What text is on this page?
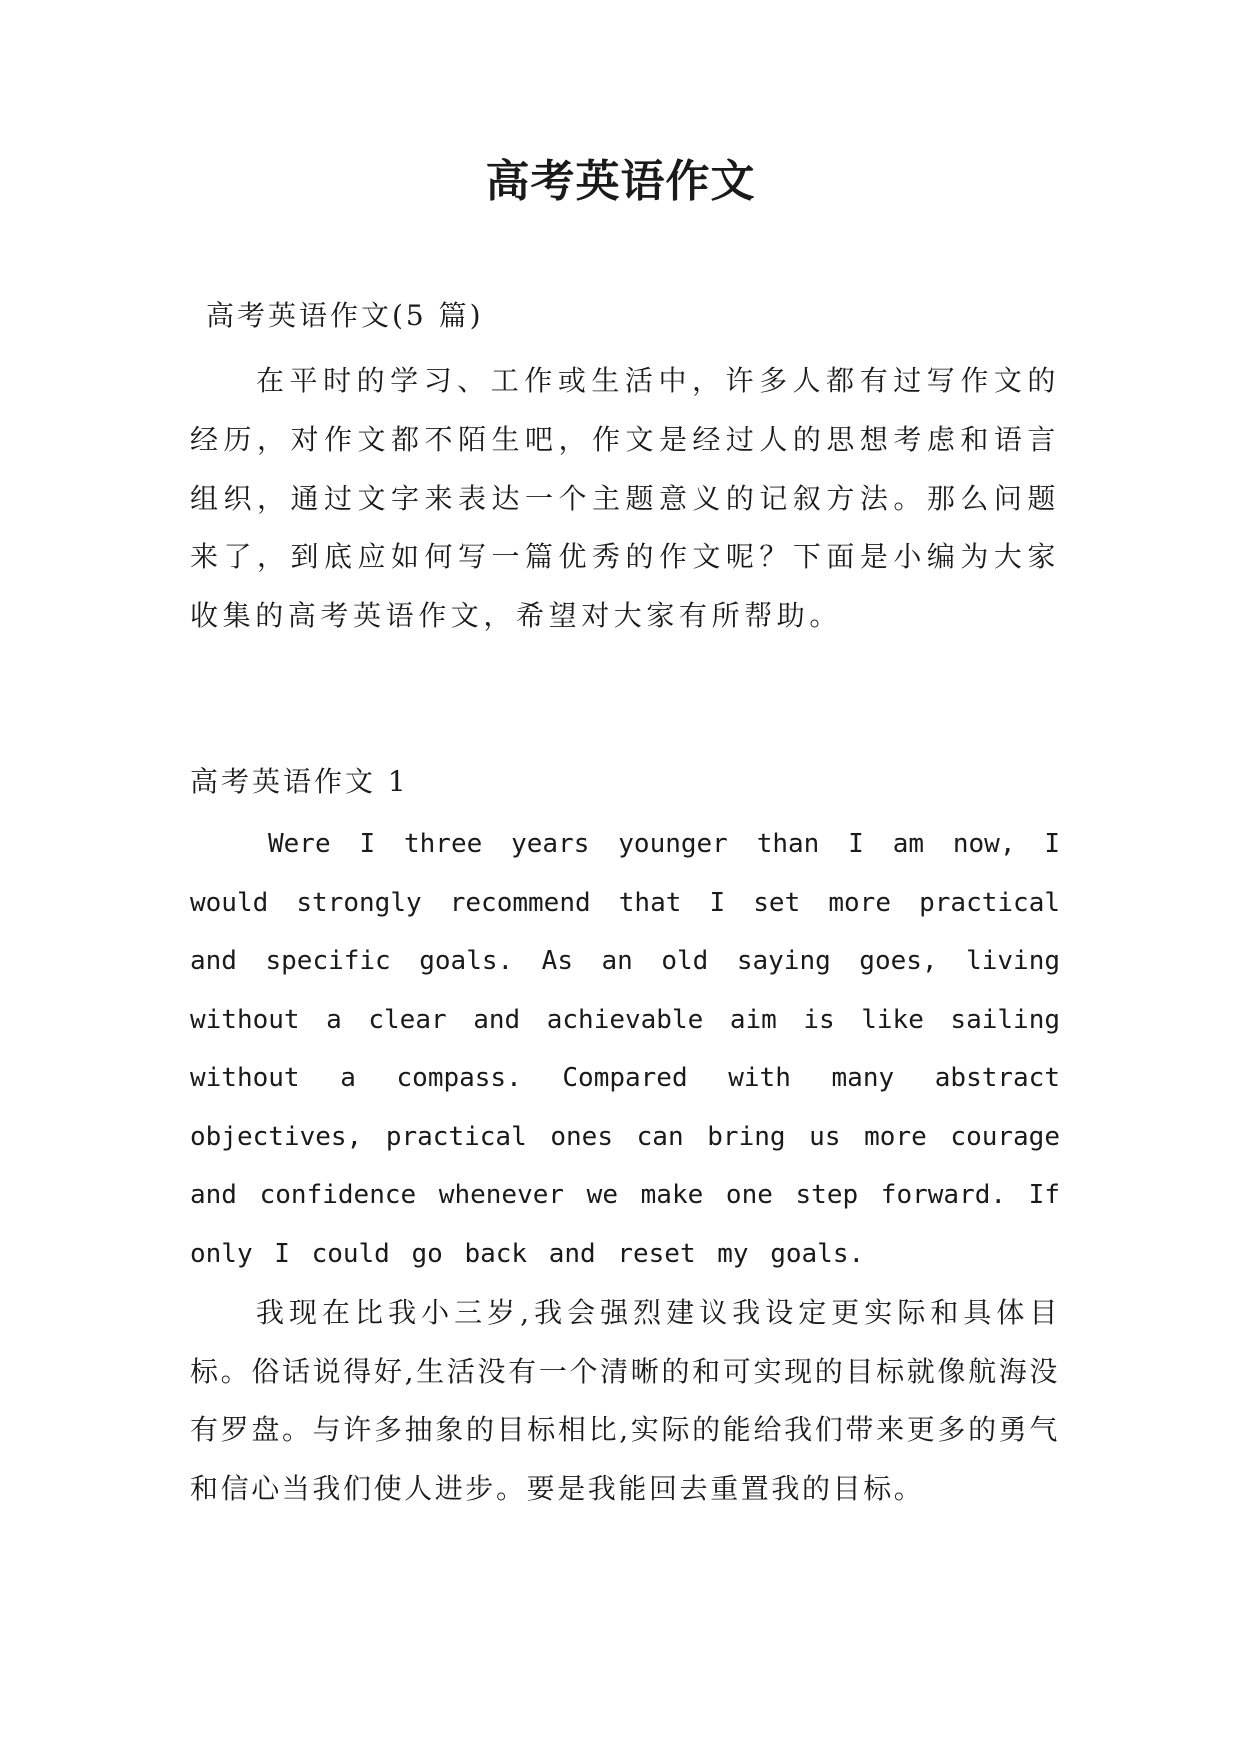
高考英语作文

高考英语作文(5 篇)

在平时的学习、工作或生活中，许多人都有过写作文的经历，对作文都不陌生吧，作文是经过人的思想考虑和语言组织，通过文字来表达一个主题意义的记叙方法。那么问题来了，到底应如何写一篇优秀的作文呢？下面是小编为大家收集的高考英语作文，希望对大家有所帮助。

高考英语作文 1

Were I three years younger than I am now, I would strongly recommend that I set more practical and specific goals. As an old saying goes, living without a clear and achievable aim is like sailing without a compass. Compared with many abstract objectives, practical ones can bring us more courage and confidence whenever we make one step forward. If only I could go back and reset my goals.

我现在比我小三岁,我会强烈建议我设定更实际和具体目标。俗话说得好,生活没有一个清晰的和可实现的目标就像航海没有罗盘。与许多抽象的目标相比,实际的能给我们带来更多的勇气和信心当我们使人进步。要是我能回去重置我的目标。
